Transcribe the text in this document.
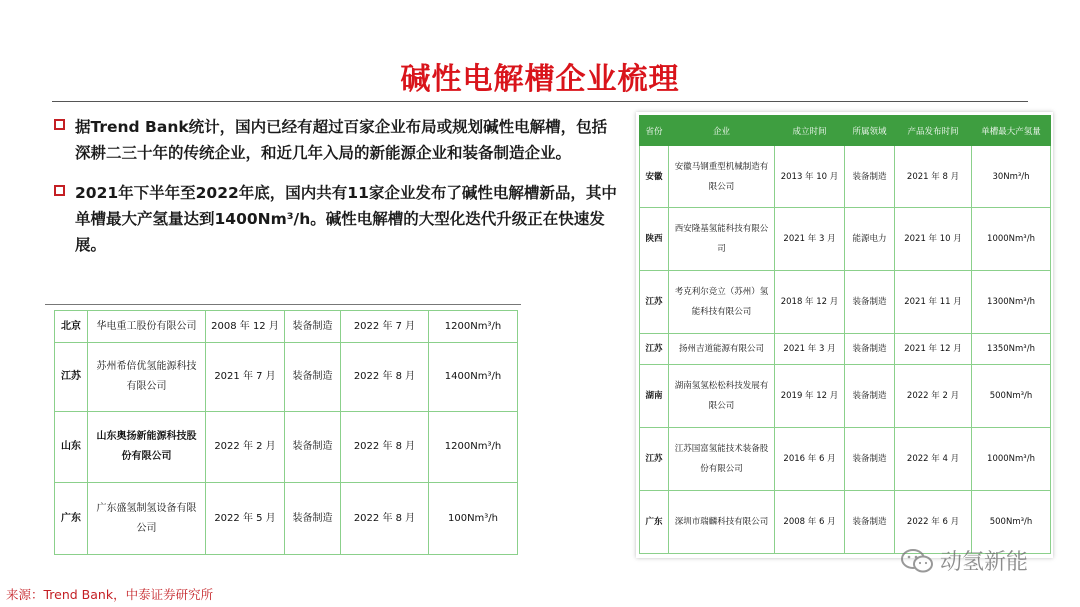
碱性电解槽企业梳理
据Trend Bank统计，国内已经有超过百家企业布局或规划碱性电解槽，包括深耕二三十年的传统企业，和近几年入局的新能源企业和装备制造企业。
2021年下半年至2022年底，国内共有11家企业发布了碱性电解槽新品，其中单槽最大产氢量达到1400Nm³/h。碱性电解槽的大型化迭代升级正在快速发展。
北京	华电重工股份有限公司	2008 年 12 月	装备制造	2022 年 7 月	1200Nm³/h
江苏	苏州希倍优氢能源科技有限公司	2021 年 7 月	装备制造	2022 年 8 月	1400Nm³/h
山东	山东奥扬新能源科技股份有限公司	2022 年 2 月	装备制造	2022 年 8 月	1200Nm³/h
广东	广东盛氢制氢设备有限公司	2022 年 5 月	装备制造	2022 年 8 月	100Nm³/h
省份	企业	成立时间	所属领域	产品发布时间	单槽最大产氢量
安徽	安徽马钢重型机械制造有限公司	2013 年 10 月	装备制造	2021 年 8 月	30Nm³/h
陕西	西安隆基氢能科技有限公司	2021 年 3 月	能源电力	2021 年 10 月	1000Nm³/h
江苏	考克利尔竞立（苏州）氢能科技有限公司	2018 年 12 月	装备制造	2021 年 11 月	1300Nm³/h
江苏	扬州吉道能源有限公司	2021 年 3 月	装备制造	2021 年 12 月	1350Nm³/h
湖南	湖南氢氢松松科技发展有限公司	2019 年 12 月	装备制造	2022 年 2 月	500Nm³/h
江苏	江苏国富氢能技术装备股份有限公司	2016 年 6 月	装备制造	2022 年 4 月	1000Nm³/h
广东	深圳市瑞麟科技有限公司	2008 年 6 月	装备制造	2022 年 6 月	500Nm³/h
来源：Trend Bank，中泰证券研究所
动氢新能
